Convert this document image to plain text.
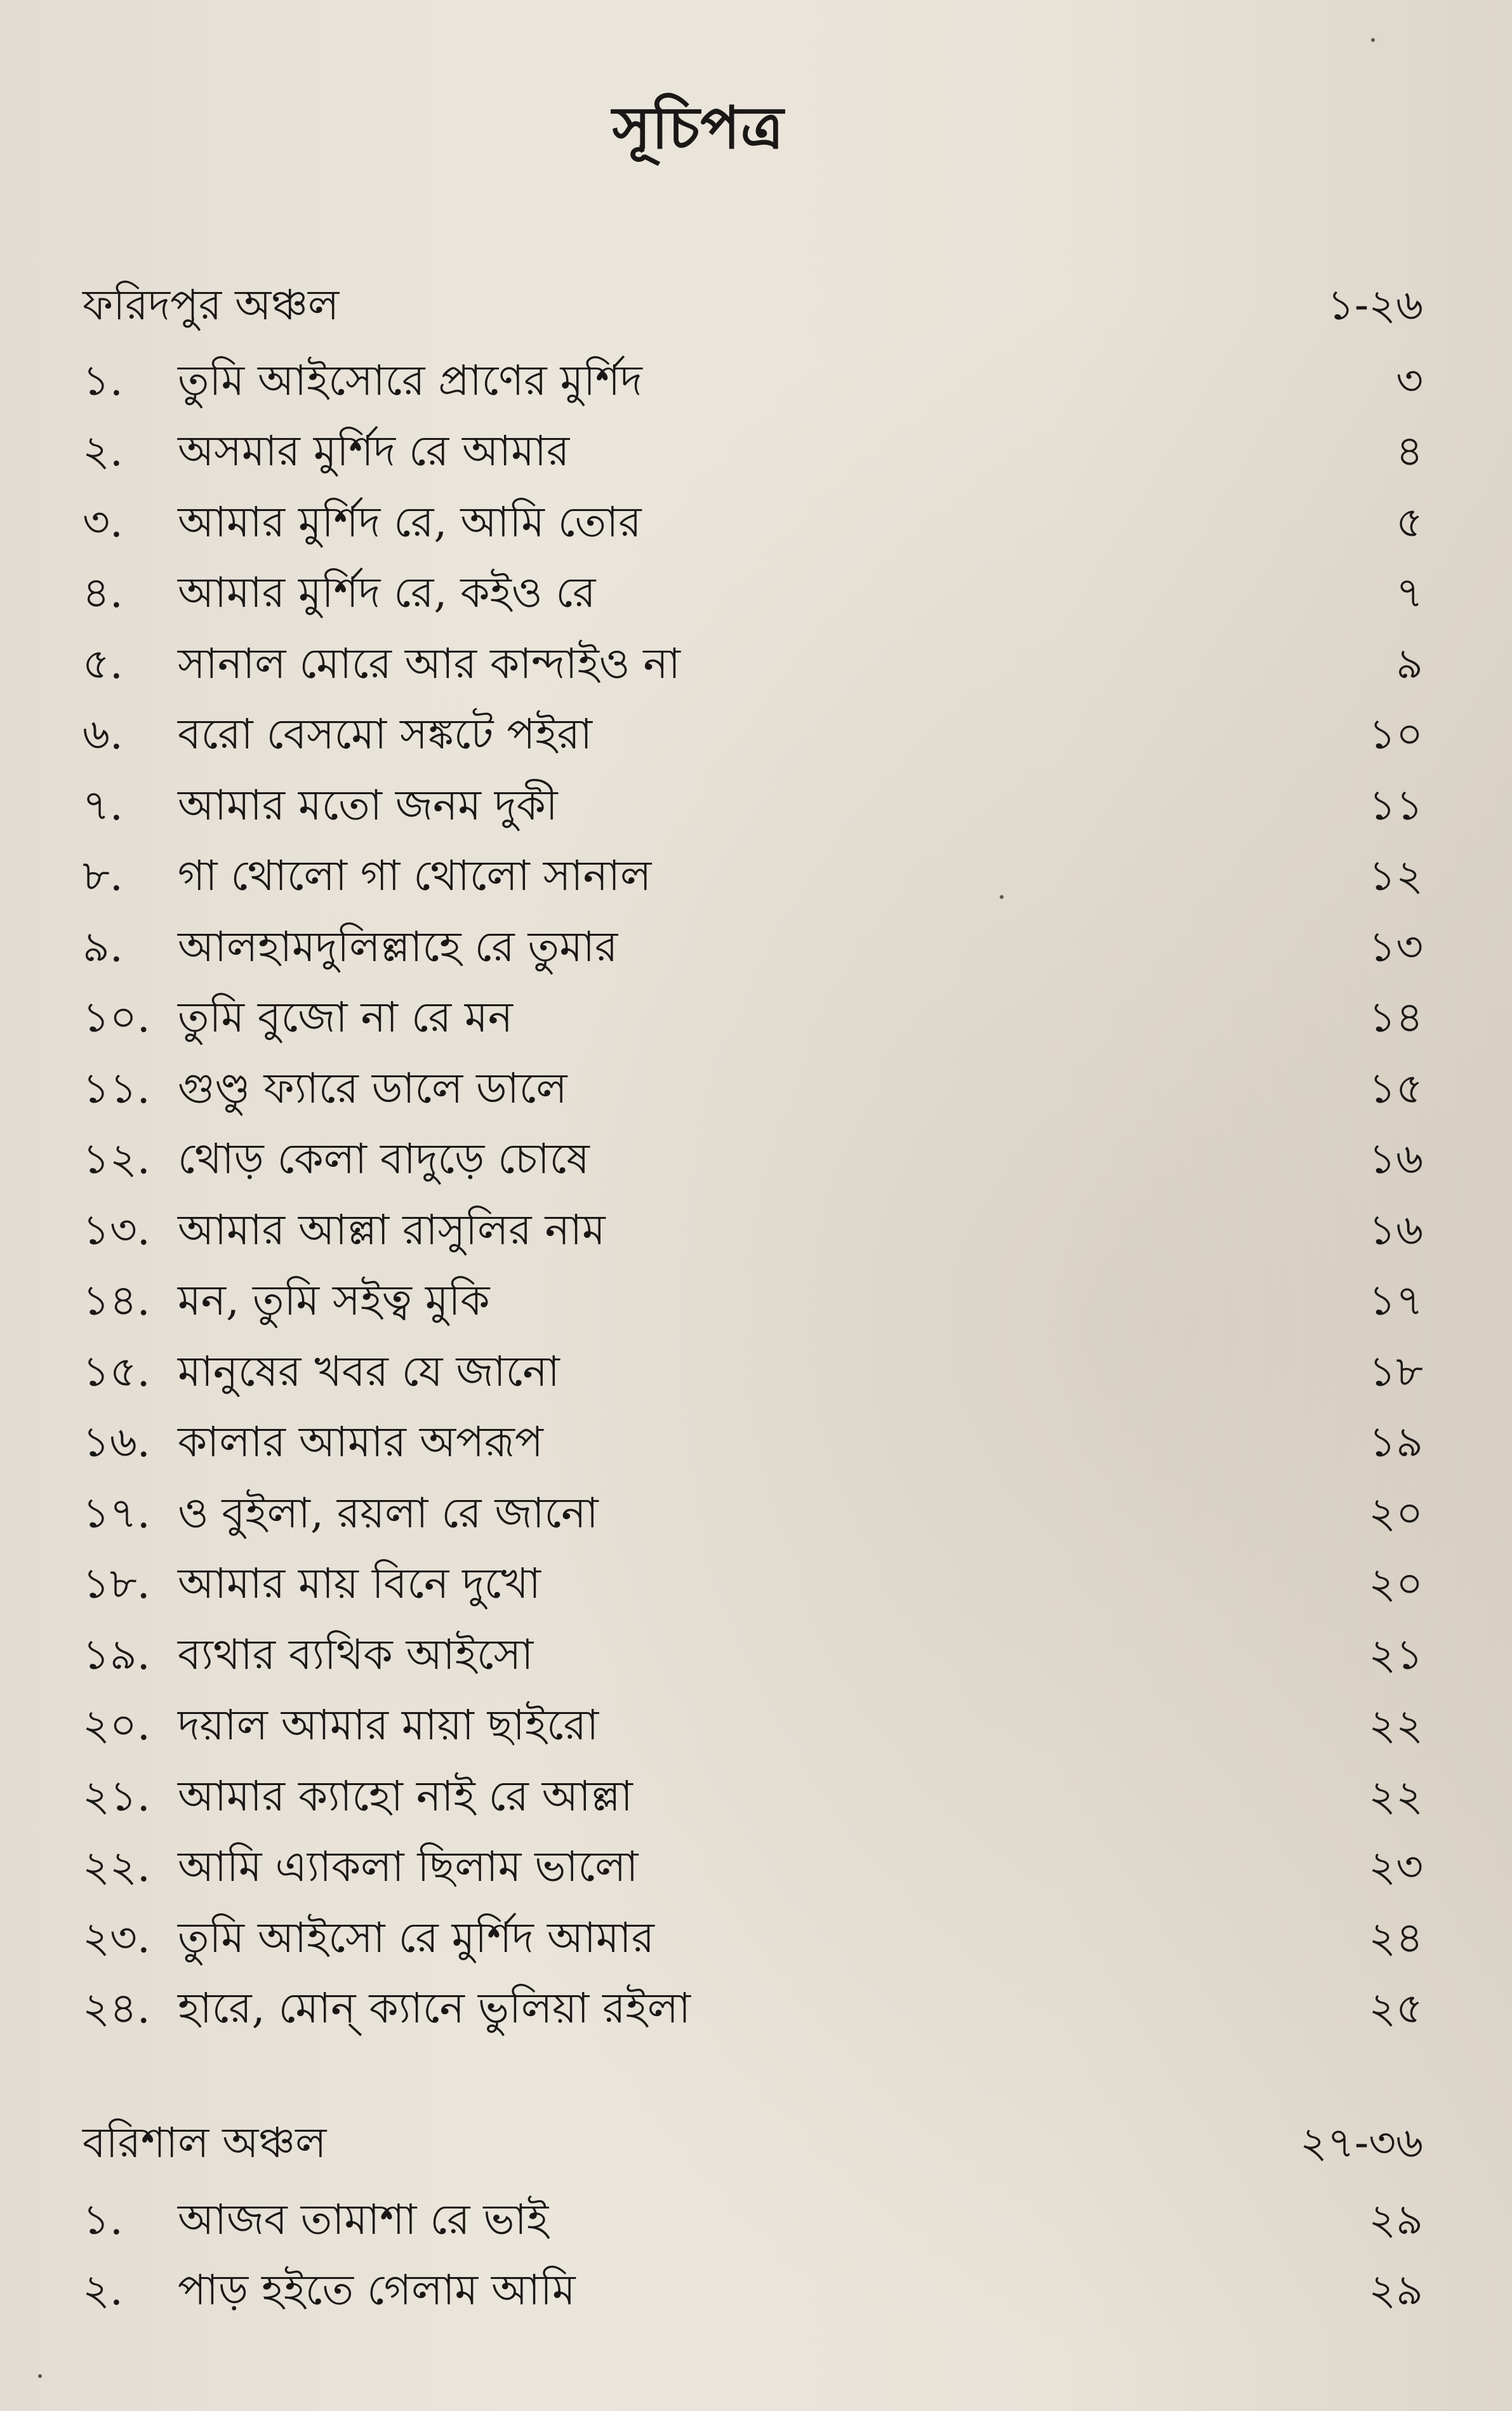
সূচিপত্র
ফরিদপুর অঞ্চল	১-২৬
১.	তুমি আইসোরে প্রাণের মুর্শিদ	৩
২.	অসমার মুর্শিদ রে আমার	৪
৩.	আমার মুর্শিদ রে, আমি তোর	৫
৪.	আমার মুর্শিদ রে, কইও রে	৭
৫.	সানাল মোরে আর কান্দাইও না	৯
৬.	বরো বেসমো সঙ্কটে পইরা	১০
৭.	আমার মতো জনম দুকী	১১
৮.	গা থোলো গা থোলো সানাল	১২
৯.	আলহামদুলিল্লাহে রে তুমার	১৩
১০. তুমি বুজো না রে মন	১৪
১১. গুণ্ডু ফ্যারে ডালে ডালে	১৫
১২. থোড় কেলা বাদুড়ে চোষে	১৬
১৩. আমার আল্লা রাসুলির নাম	১৬
১৪. মন, তুমি সইত্ব মুকি	১৭
১৫. মানুষের খবর যে জানো	১৮
১৬. কালার আমার অপরূপ	১৯
১৭. ও বুইলা, রয়লা রে জানো	২০
১৮. আমার মায় বিনে দুখো	২০
১৯. ব্যথার ব্যথিক আইসো	২১
২০. দয়াল আমার মায়া ছাইরো	২২
২১. আমার ক্যাহো নাই রে আল্লা	২২
২২. আমি এ্যাকলা ছিলাম ভালো	২৩
২৩. তুমি আইসো রে মুর্শিদ আমার	২৪
২৪. হারে, মোন্ ক্যানে ভুলিয়া রইলা	২৫
বরিশাল অঞ্চল	২৭-৩৬
১.	আজব তামাশা রে ভাই	২৯
২.	পাড় হইতে গেলাম আমি	২৯
